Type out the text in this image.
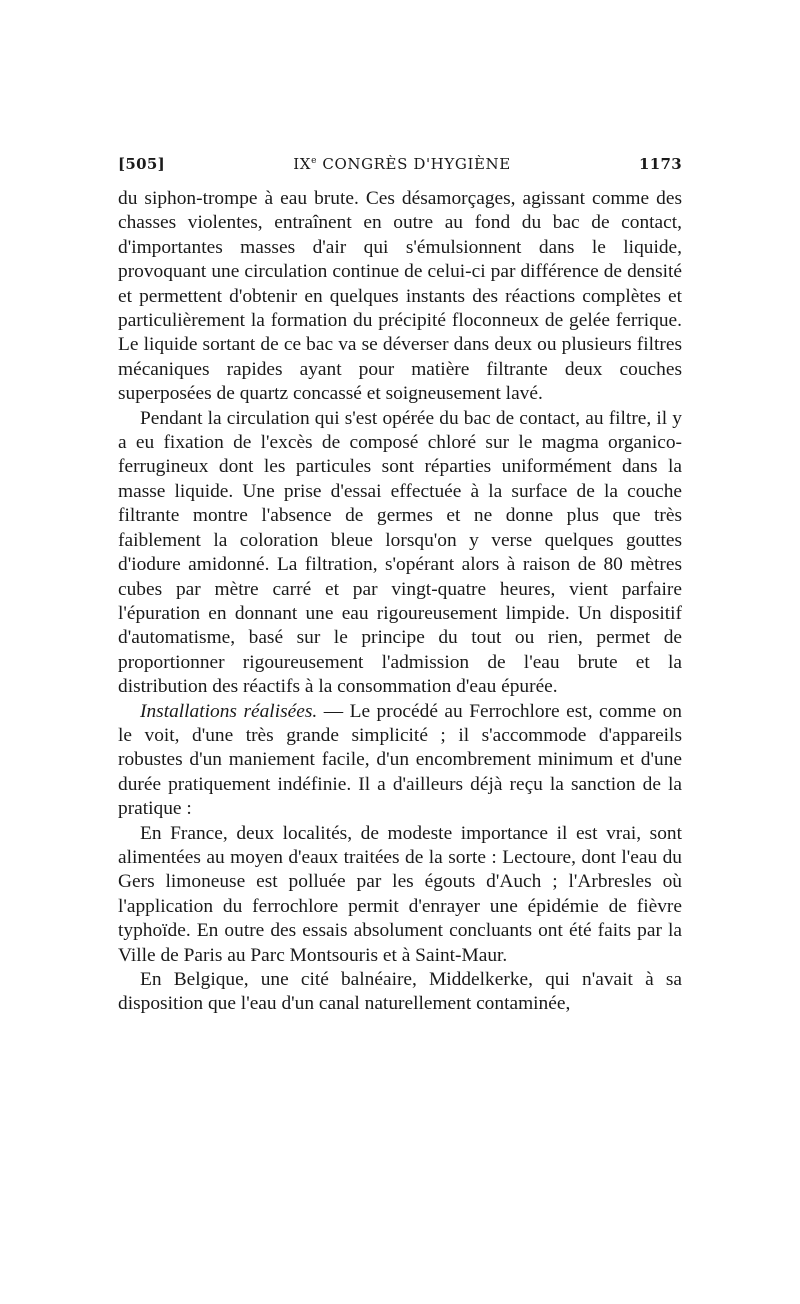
[505]	IXe CONGRÈS D'HYGIÈNE	1173

du siphon-trompe à eau brute. Ces désamorçages, agissant comme des chasses violentes, entraînent en outre au fond du bac de contact, d'importantes masses d'air qui s'émulsionnent dans le liquide, provoquant une circulation continue de celui-ci par différence de densité et permettent d'obtenir en quelques instants des réactions complètes et particulièrement la formation du précipité floconneux de gelée ferrique. Le liquide sortant de ce bac va se déverser dans deux ou plusieurs filtres mécaniques rapides ayant pour matière filtrante deux couches superposées de quartz concassé et soigneusement lavé.

Pendant la circulation qui s'est opérée du bac de contact, au filtre, il y a eu fixation de l'excès de composé chloré sur le magma organico-ferrugineux dont les particules sont réparties uniformément dans la masse liquide. Une prise d'essai effectuée à la surface de la couche filtrante montre l'absence de germes et ne donne plus que très faiblement la coloration bleue lorsqu'on y verse quelques gouttes d'iodure amidonné. La filtration, s'opérant alors à raison de 80 mètres cubes par mètre carré et par vingt-quatre heures, vient parfaire l'épuration en donnant une eau rigoureusement limpide. Un dispositif d'automatisme, basé sur le principe du tout ou rien, permet de proportionner rigoureusement l'admission de l'eau brute et la distribution des réactifs à la consommation d'eau épurée.

Installations réalisées. — Le procédé au Ferrochlore est, comme on le voit, d'une très grande simplicité ; il s'accommode d'appareils robustes d'un maniement facile, d'un encombrement minimum et d'une durée pratiquement indéfinie. Il a d'ailleurs déjà reçu la sanction de la pratique :

En France, deux localités, de modeste importance il est vrai, sont alimentées au moyen d'eaux traitées de la sorte : Lectoure, dont l'eau du Gers limoneuse est polluée par les égouts d'Auch ; l'Arbresles où l'application du ferrochlore permit d'enrayer une épidémie de fièvre typhoïde. En outre des essais absolument concluants ont été faits par la Ville de Paris au Parc Montsouris et à Saint-Maur.

En Belgique, une cité balnéaire, Middelkerke, qui n'avait à sa disposition que l'eau d'un canal naturellement contaminée,
